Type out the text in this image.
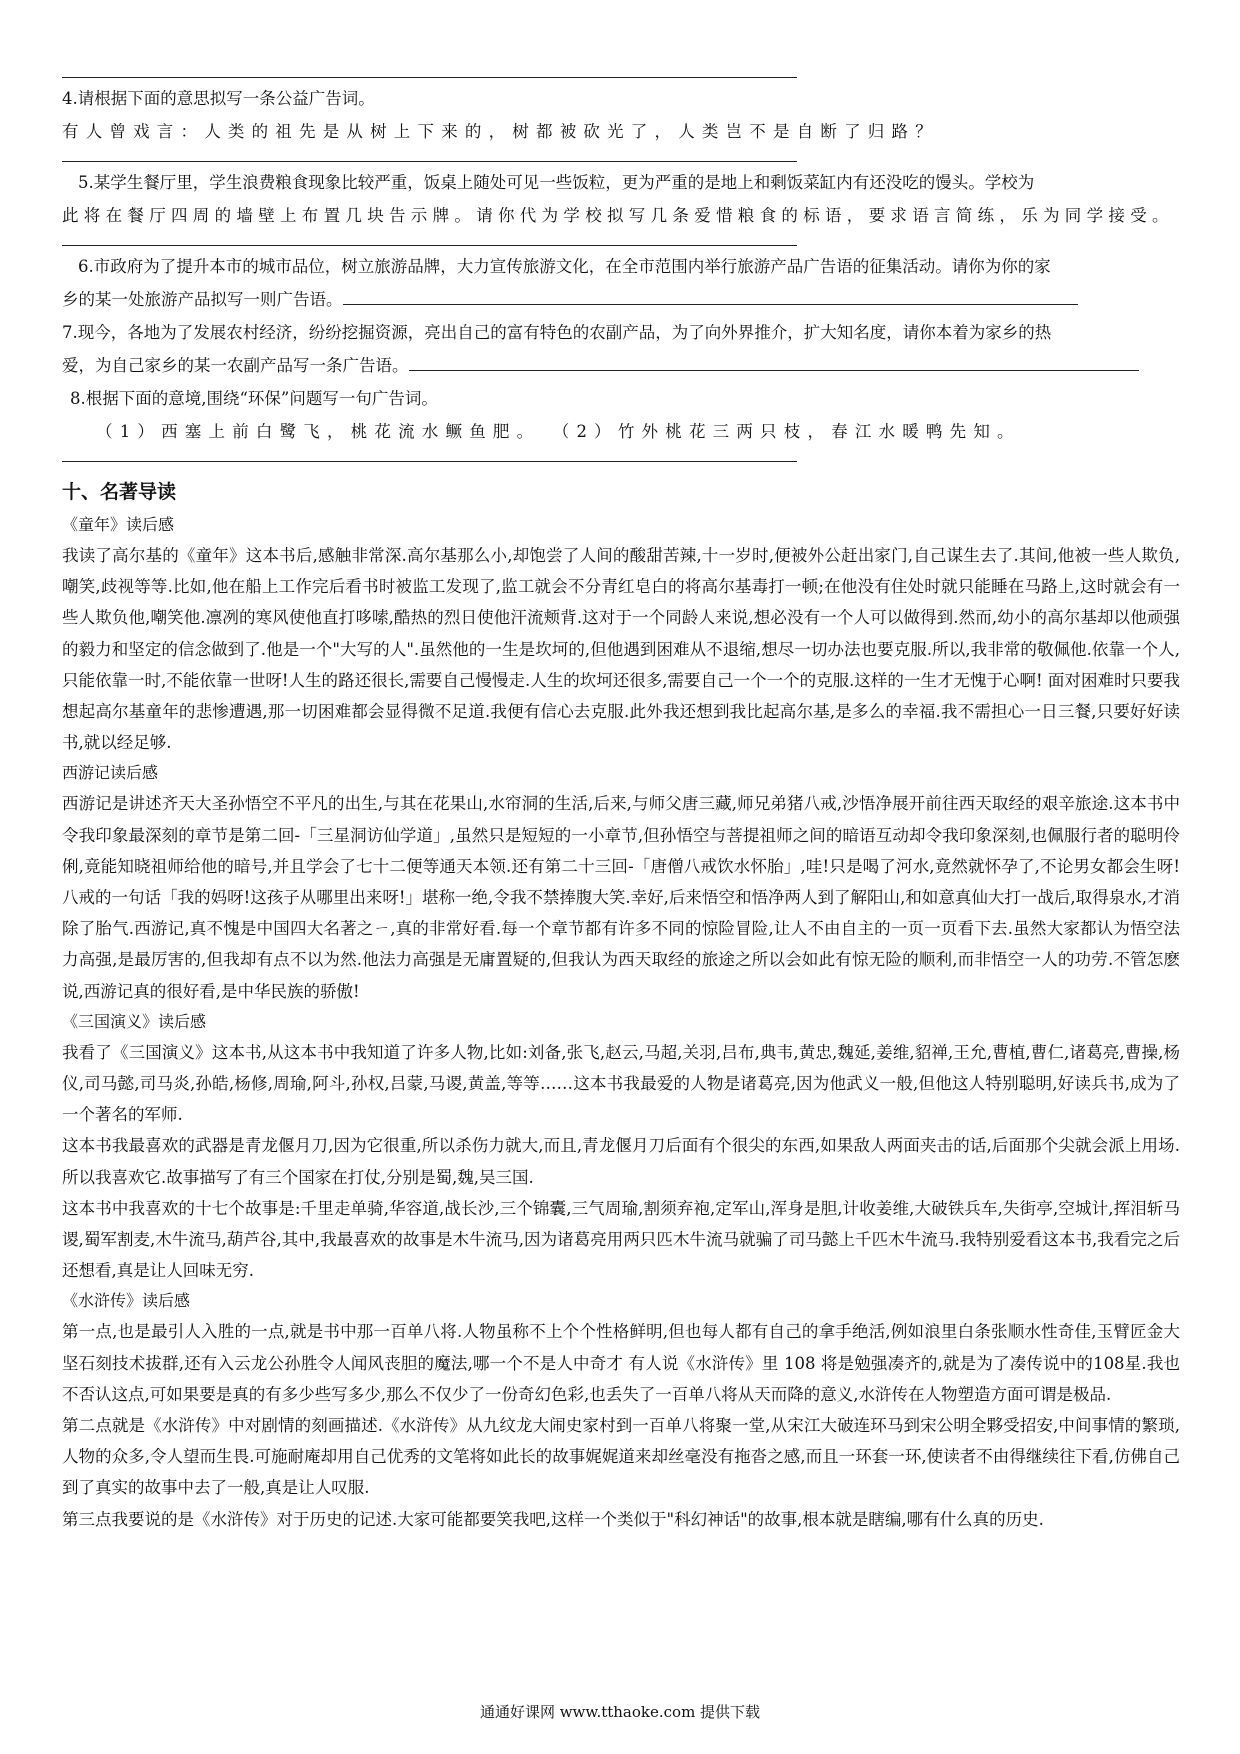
4.请根据下面的意思拟写一条公益广告词。
有人曾戏言：人类的祖先是从树上下来的，树都被砍光了，人类岂不是自断了归路？
5.某学生餐厅里，学生浪费粮食现象比较严重，饭桌上随处可见一些饭粒，更为严重的是地上和剩饭菜缸内有还没吃的馒头。学校为
此将在餐厅四周的墙壁上布置几块告示牌。请你代为学校拟写几条爱惜粮食的标语，要求语言简练，乐为同学接受。
6.市政府为了提升本市的城市品位，树立旅游品牌，大力宣传旅游文化，在全市范围内举行旅游产品广告语的征集活动。请你为你的家
乡的某一处旅游产品拟写一则广告语。
7.现今，各地为了发展农村经济，纷纷挖掘资源，亮出自己的富有特色的农副产品，为了向外界推介，扩大知名度，请你本着为家乡的热
爱，为自己家乡的某一农副产品写一条广告语。
8.根据下面的意境,围绕“环保”问题写一句广告词。
（1）西塞上前白鹭飞，桃花流水鳜鱼肥。 （2）竹外桃花三两只枝，春江水暖鸭先知。
十、名著导读
《童年》读后感

我读了高尔基的《童年》这本书后,感触非常深.高尔基那么小,却饱尝了人间的酸甜苦辣,十一岁时,便被外公赶出家门,自己谋生去了.其间,他被一些人欺负,嘲笑,歧视等等.比如,他在船上工作完后看书时被监工发现了,监工就会不分青红皂白的将高尔基毒打一顿;在他没有住处时就只能睡在马路上,这时就会有一些人欺负他,嘲笑他.凛冽的寒风使他直打哆嗦,酷热的烈日使他汗流颊背.这对于一个同龄人来说,想必没有一个人可以做得到.然而,幼小的高尔基却以他顽强的毅力和坚定的信念做到了.他是一个"大写的人".虽然他的一生是坎坷的,但他遇到困难从不退缩,想尽一切办法也要克服.所以,我非常的敬佩他.依靠一个人,只能依靠一时,不能依靠一世呀!人生的路还很长,需要自己慢慢走.人生的坎坷还很多,需要自己一个一个的克服.这样的一生才无愧于心啊! 面对困难时只要我想起高尔基童年的悲惨遭遇,那一切困难都会显得微不足道.我便有信心去克服.此外我还想到我比起高尔基,是多么的幸福.我不需担心一日三餐,只要好好读书,就以经足够.

西游记读后感

西游记是讲述齐天大圣孙悟空不平凡的出生,与其在花果山,水帘洞的生活,后来,与师父唐三藏,师兄弟猪八戒,沙悟净展开前往西天取经的艰辛旅途.这本书中令我印象最深刻的章节是第二回-「三星洞访仙学道」,虽然只是短短的一小章节,但孙悟空与菩提祖师之间的暗语互动却令我印象深刻,也佩服行者的聪明伶俐,竟能知晓祖师给他的暗号,并且学会了七十二便等通天本领.还有第二十三回-「唐僧八戒饮水怀胎」,哇!只是喝了河水,竟然就怀孕了,不论男女都会生呀!八戒的一句话「我的妈呀!这孩子从哪里出来呀!」堪称一绝,令我不禁捧腹大笑.幸好,后来悟空和悟净两人到了解阳山,和如意真仙大打一战后,取得泉水,才消除了胎气.西游记,真不愧是中国四大名著之ㄧ,真的非常好看.每一个章节都有许多不同的惊险冒险,让人不由自主的一页一页看下去.虽然大家都认为悟空法力高强,是最厉害的,但我却有点不以为然.他法力高强是无庸置疑的,但我认为西天取经的旅途之所以会如此有惊无险的顺利,而非悟空一人的功劳.不管怎麽说,西游记真的很好看,是中华民族的骄傲!

《三国演义》读后感

我看了《三国演义》这本书,从这本书中我知道了许多人物,比如:刘备,张飞,赵云,马超,关羽,吕布,典韦,黄忠,魏延,姜维,貂禅,王允,曹植,曹仁,诸葛亮,曹操,杨仪,司马懿,司马炎,孙皓,杨修,周瑜,阿斗,孙权,吕蒙,马谡,黄盖,等等……这本书我最爱的人物是诸葛亮,因为他武义一般,但他这人特别聪明,好读兵书,成为了一个著名的军师.

这本书我最喜欢的武器是青龙偃月刀,因为它很重,所以杀伤力就大,而且,青龙偃月刀后面有个很尖的东西,如果敌人两面夹击的话,后面那个尖就会派上用场.所以我喜欢它.故事描写了有三个国家在打仗,分别是蜀,魏,吴三国.

这本书中我喜欢的十七个故事是:千里走单骑,华容道,战长沙,三个锦囊,三气周瑜,割须弃袍,定军山,浑身是胆,计收姜维,大破铁兵车,失街亭,空城计,挥泪斩马谡,蜀军割麦,木牛流马,葫芦谷,其中,我最喜欢的故事是木牛流马,因为诸葛亮用两只匹木牛流马就骗了司马懿上千匹木牛流马.我特别爱看这本书,我看完之后还想看,真是让人回味无穷.

《水浒传》读后感

第一点,也是最引人入胜的一点,就是书中那一百单八将.人物虽称不上个个性格鲜明,但也每人都有自己的拿手绝活,例如浪里白条张顺水性奇佳,玉臂匠金大坚石刻技术拔群,还有入云龙公孙胜令人闻风丧胆的魔法,哪一个不是人中奇才 有人说《水浒传》里 108 将是勉强凑齐的,就是为了凑传说中的108星.我也不否认这点,可如果要是真的有多少些写多少,那么不仅少了一份奇幻色彩,也丢失了一百单八将从天而降的意义,水浒传在人物塑造方面可谓是极品.

第二点就是《水浒传》中对剧情的刻画描述.《水浒传》从九纹龙大闹史家村到一百单八将聚一堂,从宋江大破连环马到宋公明全夥受招安,中间事情的繁琐,人物的众多,令人望而生畏.可施耐庵却用自己优秀的文笔将如此长的故事娓娓道来却丝毫没有拖沓之感,而且一环套一环,使读者不由得继续往下看,仿佛自己到了真实的故事中去了一般,真是让人叹服.

第三点我要说的是《水浒传》对于历史的记述.大家可能都要笑我吧,这样一个类似于"科幻神话"的故事,根本就是瞎编,哪有什么真的历史.

通通好课网 www.tthaoke.com 提供下载
